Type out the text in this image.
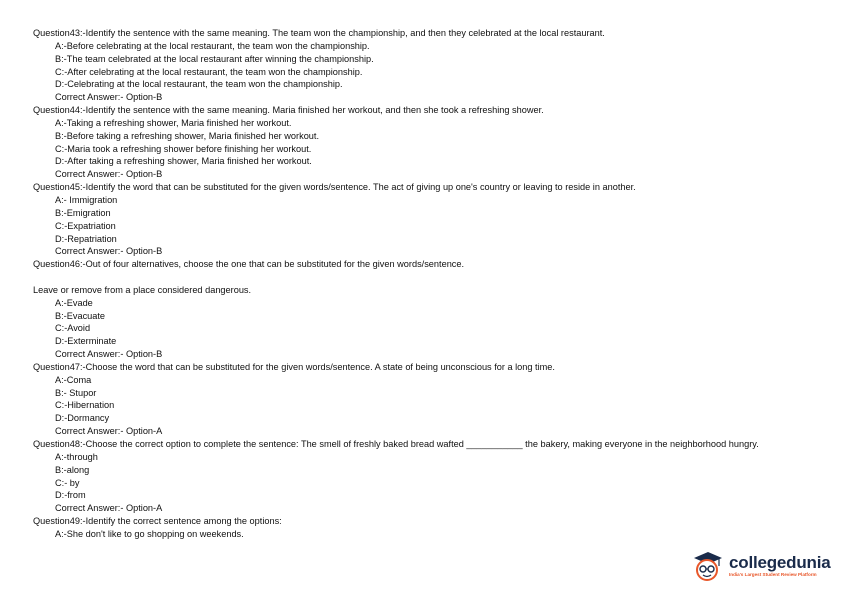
Question43:-Identify the sentence with the same meaning. The team won the championship, and then they celebrated at the local restaurant.
A:-Before celebrating at the local restaurant, the team won the championship.
B:-The team celebrated at the local restaurant after winning the championship.
C:-After celebrating at the local restaurant, the team won the championship.
D:-Celebrating at the local restaurant, the team won the championship.
Correct Answer:- Option-B
Question44:-Identify the sentence with the same meaning. Maria finished her workout, and then she took a refreshing shower.
A:-Taking a refreshing shower, Maria finished her workout.
B:-Before taking a refreshing shower, Maria finished her workout.
C:-Maria took a refreshing shower before finishing her workout.
D:-After taking a refreshing shower, Maria finished her workout.
Correct Answer:- Option-B
Question45:-Identify the word that can be substituted for the given words/sentence. The act of giving up one's country or leaving to reside in another.
A:- Immigration
B:-Emigration
C:-Expatriation
D:-Repatriation
Correct Answer:- Option-B
Question46:-Out of four alternatives, choose the one that can be substituted for the given words/sentence.
Leave or remove from a place considered dangerous.
A:-Evade
B:-Evacuate
C:-Avoid
D:-Exterminate
Correct Answer:- Option-B
Question47:-Choose the word that can be substituted for the given words/sentence. A state of being unconscious for a long time.
A:-Coma
B:- Stupor
C:-Hibernation
D:-Dormancy
Correct Answer:- Option-A
Question48:-Choose the correct option to complete the sentence: The smell of freshly baked bread wafted ___________ the bakery, making everyone in the neighborhood hungry.
A:-through
B:-along
C:- by
D:-from
Correct Answer:- Option-A
Question49:-Identify the correct sentence among the options:
A:-She don't like to go shopping on weekends.
collegedunia
India's Largest Student Review Platform
